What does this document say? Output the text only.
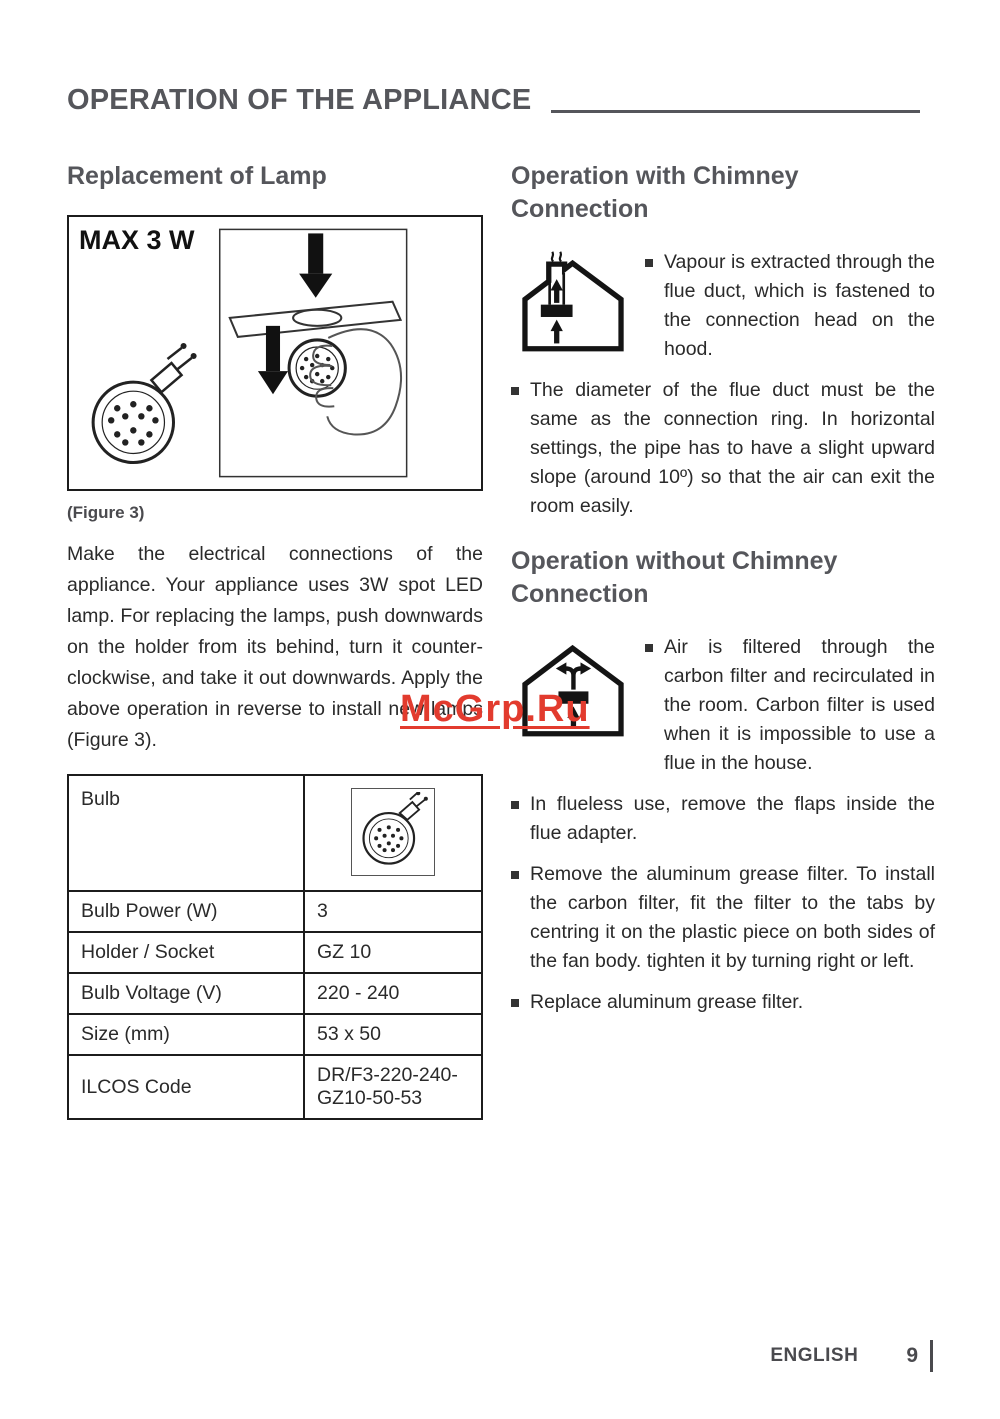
OPERATION OF THE APPLIANCE
Replacement of Lamp
MAX 3 W
(Figure 3)

Make the electrical connections of the appliance. Your appliance uses 3W spot LED lamp. For replacing the lamps, push downwards on the holder from its behind, turn it counter-clockwise, and take it out downwards. Apply the above operation in reverse to install new lamps (Figure 3).

Bulb	

Bulb Power (W)	3
Holder / Socket	GZ 10
Bulb Voltage (V)	220 - 240
Size (mm)	53 x 50
ILCOS Code	DR/F3-220-240-GZ10-50-53
Operation with Chimney Connection
Vapour is extracted through the flue duct, which is fastened to the connection head on the hood.
The diameter of the flue duct must be the same as the connection ring. In horizontal settings, the pipe has to have a slight upward slope (around 10º) so that the air can exit the room easily.
Operation without Chimney Connection
Air is filtered through the carbon filter and recirculated in the room. Carbon filter is used when it is impossible to use a flue in the house.
In flueless use, remove the flaps inside the flue adapter.
Remove the aluminum grease filter. To install the carbon filter, fit the filter to the tabs by centring it on the plastic piece on both sides of the fan body. tighten it by turning right or left.
Replace aluminum grease filter.
McGrp.Ru
ENGLISH 9
